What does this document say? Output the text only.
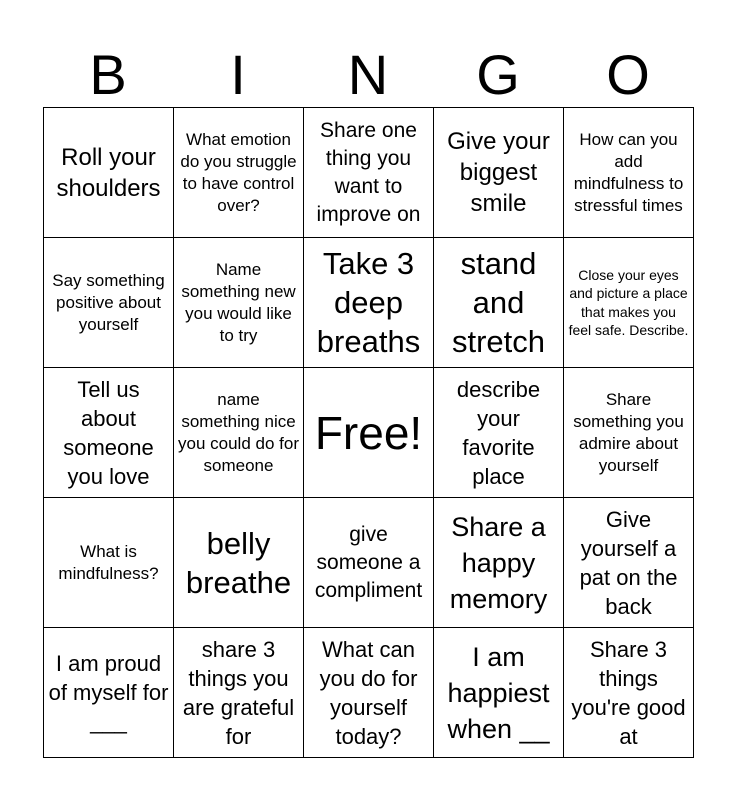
B	I	N	G	O
Roll your shoulders	What emotion do you struggle to have control over?	Share one thing you want to improve on	Give your biggest smile	How can you add mindfulness to stressful times

Say something positive about yourself	Name something new you would like to try	Take 3 deep breaths	stand and stretch	Close your eyes and picture a place that makes you feel safe. Describe.

Tell us about someone you love	name something nice you could do for someone	Free!	describe your favorite place	Share something you admire about yourself

What is mindfulness?	belly breathe	give someone a compliment	Share a happy memory	Give yourself a pat on the back

I am proud of myself for ___	share 3 things you are grateful for	What can you do for yourself today?	I am happiest when __	Share 3 things you're good at
